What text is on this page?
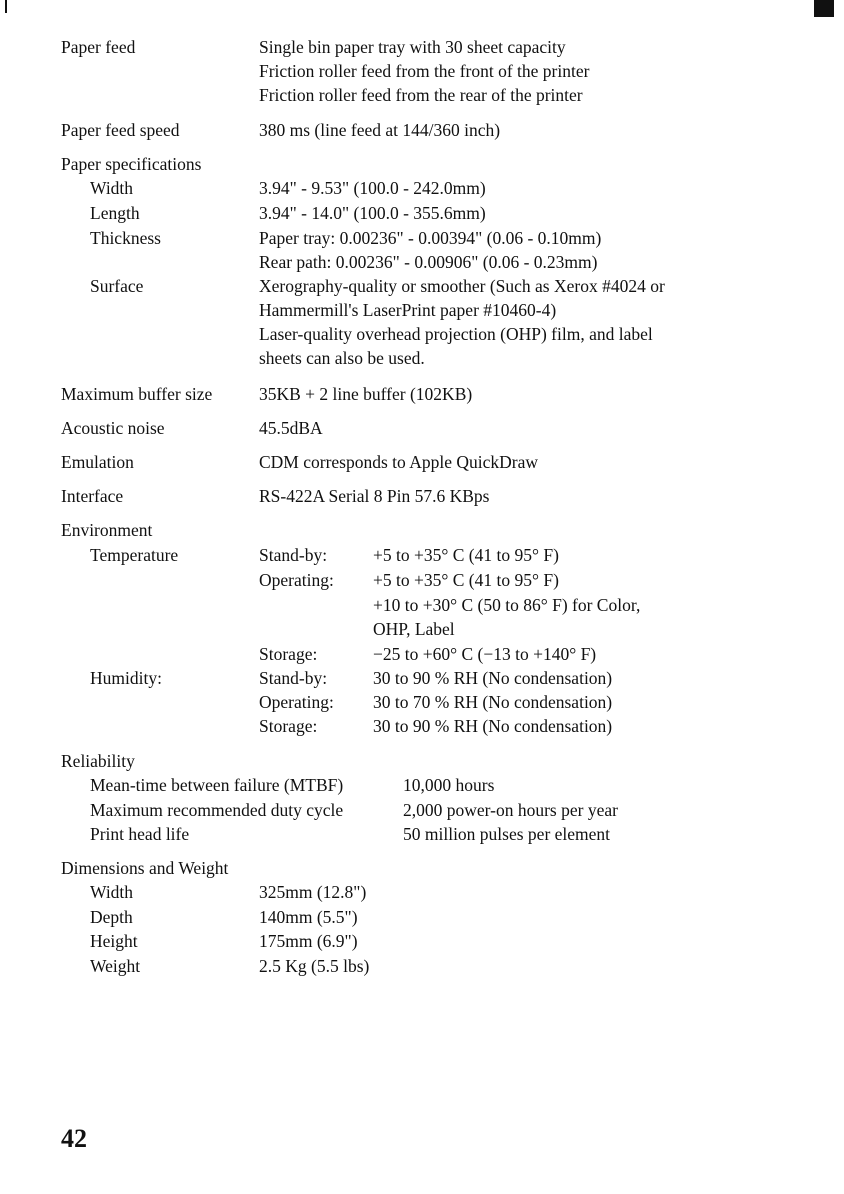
Paper feed	Single bin paper tray with 30 sheet capacity
Friction roller feed from the front of the printer
Friction roller feed from the rear of the printer
Paper feed speed	380 ms (line feed at 144/360 inch)
Paper specifications
Width	3.94" - 9.53" (100.0 - 242.0mm)
Length	3.94" - 14.0" (100.0 - 355.6mm)
Thickness	Paper tray: 0.00236" - 0.00394" (0.06 - 0.10mm)
Rear path: 0.00236" - 0.00906" (0.06 - 0.23mm)
Surface	Xerography-quality or smoother (Such as Xerox #4024 or
Hammermill's LaserPrint paper #10460-4)
Laser-quality overhead projection (OHP) film, and label
sheets can also be used.
Maximum buffer size	35KB + 2 line buffer (102KB)
Acoustic noise	45.5dBA
Emulation	CDM corresponds to Apple QuickDraw
Interface	RS-422A Serial 8 Pin 57.6 KBps
Environment
Temperature	Stand-by:	+5 to +35° C (41 to 95° F)
Operating: +5 to +35° C (41 to 95° F)
+10 to +30° C (50 to 86° F) for Color,
OHP, Label
Storage:	−25 to +60° C (−13 to +140° F)
Humidity:	Stand-by:	30 to 90 % RH (No condensation)
Operating: 30 to 70 % RH (No condensation)
Storage:	30 to 90 % RH (No condensation)
Reliability
Mean-time between failure (MTBF)	10,000 hours
Maximum recommended duty cycle	2,000 power-on hours per year
Print head life	50 million pulses per element
Dimensions and Weight
Width	325mm (12.8")
Depth	140mm (5.5")
Height	175mm (6.9")
Weight	2.5 Kg (5.5 lbs)
42
